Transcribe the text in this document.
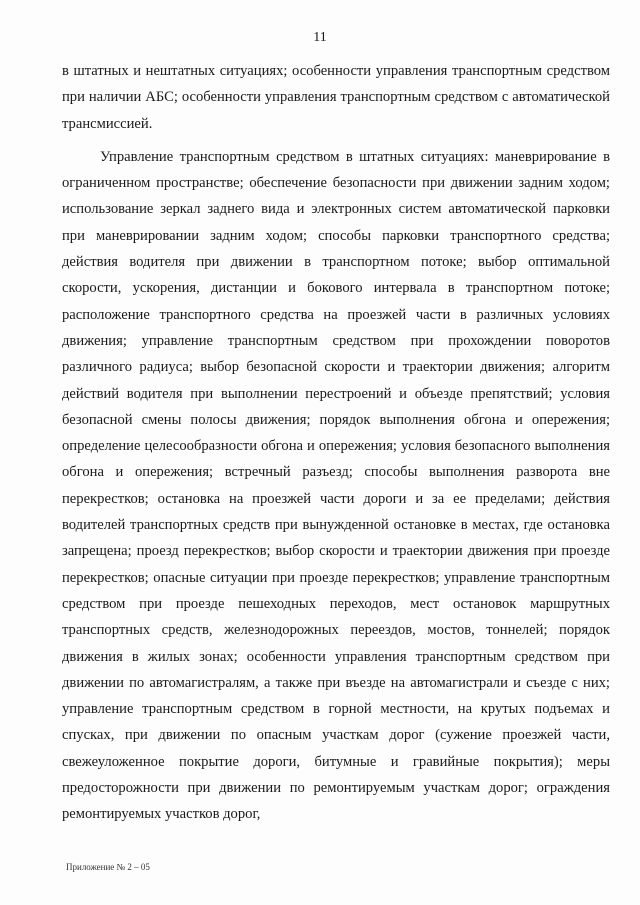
11

в штатных и нештатных ситуациях; особенности управления транспортным средством при наличии АБС; особенности управления транспортным средством с автоматической трансмиссией.

Управление транспортным средством в штатных ситуациях: маневрирование в ограниченном пространстве; обеспечение безопасности при движении задним ходом; использование зеркал заднего вида и электронных систем автоматической парковки при маневрировании задним ходом; способы парковки транспортного средства; действия водителя при движении в транспортном потоке; выбор оптимальной скорости, ускорения, дистанции и бокового интервала в транспортном потоке; расположение транспортного средства на проезжей части в различных условиях движения; управление транспортным средством при прохождении поворотов различного радиуса; выбор безопасной скорости и траектории движения; алгоритм действий водителя при выполнении перестроений и объезде препятствий; условия безопасной смены полосы движения; порядок выполнения обгона и опережения; определение целесообразности обгона и опережения; условия безопасного выполнения обгона и опережения; встречный разъезд; способы выполнения разворота вне перекрестков; остановка на проезжей части дороги и за ее пределами; действия водителей транспортных средств при вынужденной остановке в местах, где остановка запрещена; проезд перекрестков; выбор скорости и траектории движения при проезде перекрестков; опасные ситуации при проезде перекрестков; управление транспортным средством при проезде пешеходных переходов, мест остановок маршрутных транспортных средств, железнодорожных переездов, мостов, тоннелей; порядок движения в жилых зонах; особенности управления транспортным средством при движении по автомагистралям, а также при въезде на автомагистрали и съезде с них; управление транспортным средством в горной местности, на крутых подъемах и спусках, при движении по опасным участкам дорог (сужение проезжей части, свежеуложенное покрытие дороги, битумные и гравийные покрытия); меры предосторожности при движении по ремонтируемым участкам дорог; ограждения ремонтируемых участков дорог,

Приложение № 2 – 05
